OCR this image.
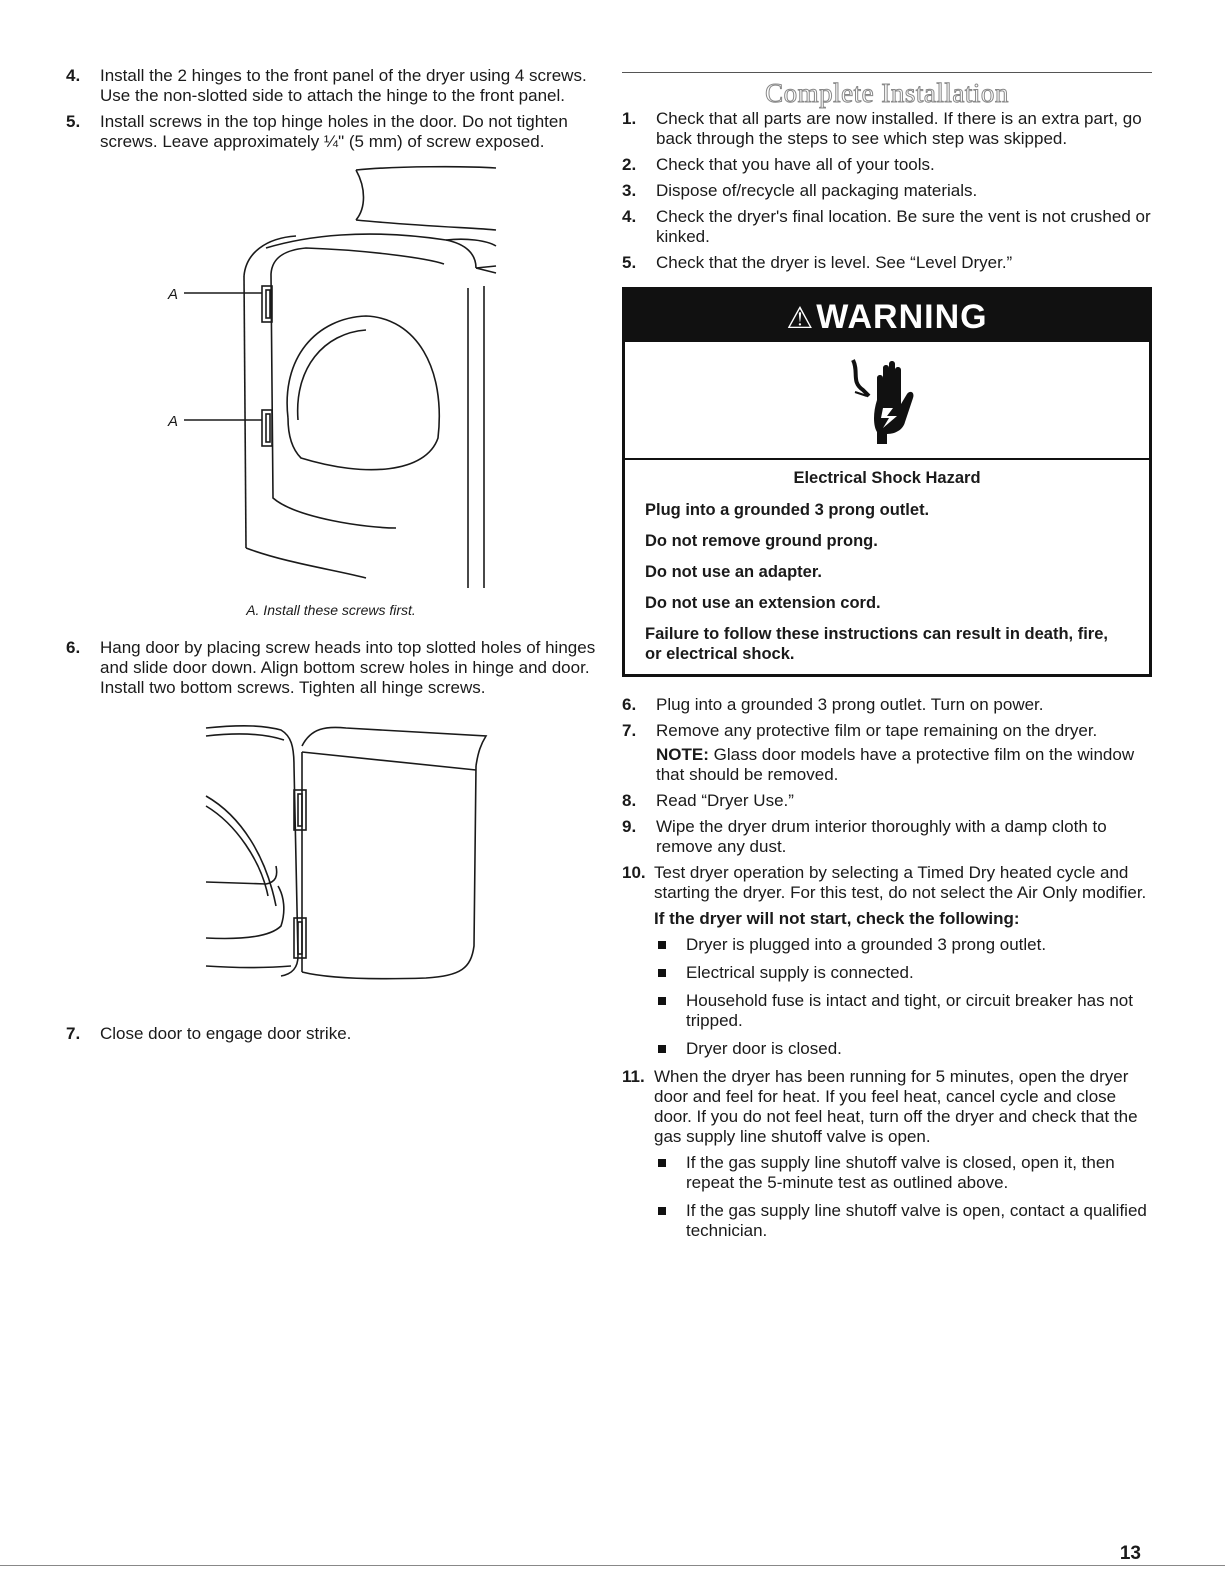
4.	Install the 2 hinges to the front panel of the dryer using 4 screws. Use the non-slotted side to attach the hinge to the front panel.
5.	Install screws in the top hinge holes in the door. Do not tighten screws. Leave approximately ¼" (5 mm) of screw exposed.
A
A
A. Install these screws first.
6.	Hang door by placing screw heads into top slotted holes of hinges and slide door down. Align bottom screw holes in hinge and door. Install two bottom screws. Tighten all hinge screws.
7.	Close door to engage door strike.
Complete Installation
1.	Check that all parts are now installed. If there is an extra part, go back through the steps to see which step was skipped.
2.	Check that you have all of your tools.
3.	Dispose of/recycle all packaging materials.
4.	Check the dryer's final location. Be sure the vent is not crushed or kinked.
5.	Check that the dryer is level. See “Level Dryer.”
⚠WARNING
Electrical Shock Hazard
Plug into a grounded 3 prong outlet.
Do not remove ground prong.
Do not use an adapter.
Do not use an extension cord.
Failure to follow these instructions can result in death, fire, or electrical shock.
6.	Plug into a grounded 3 prong outlet. Turn on power.
7.	Remove any protective film or tape remaining on the dryer.
NOTE: Glass door models have a protective film on the window that should be removed.
8.	Read “Dryer Use.”
9.	Wipe the dryer drum interior thoroughly with a damp cloth to remove any dust.
10. Test dryer operation by selecting a Timed Dry heated cycle and starting the dryer. For this test, do not select the Air Only modifier.
If the dryer will not start, check the following:
Dryer is plugged into a grounded 3 prong outlet.
Electrical supply is connected.
Household fuse is intact and tight, or circuit breaker has not tripped.
Dryer door is closed.
11. When the dryer has been running for 5 minutes, open the dryer door and feel for heat. If you feel heat, cancel cycle and close door. If you do not feel heat, turn off the dryer and check that the gas supply line shutoff valve is open.
If the gas supply line shutoff valve is closed, open it, then repeat the 5-minute test as outlined above.
If the gas supply line shutoff valve is open, contact a qualified technician.
13
